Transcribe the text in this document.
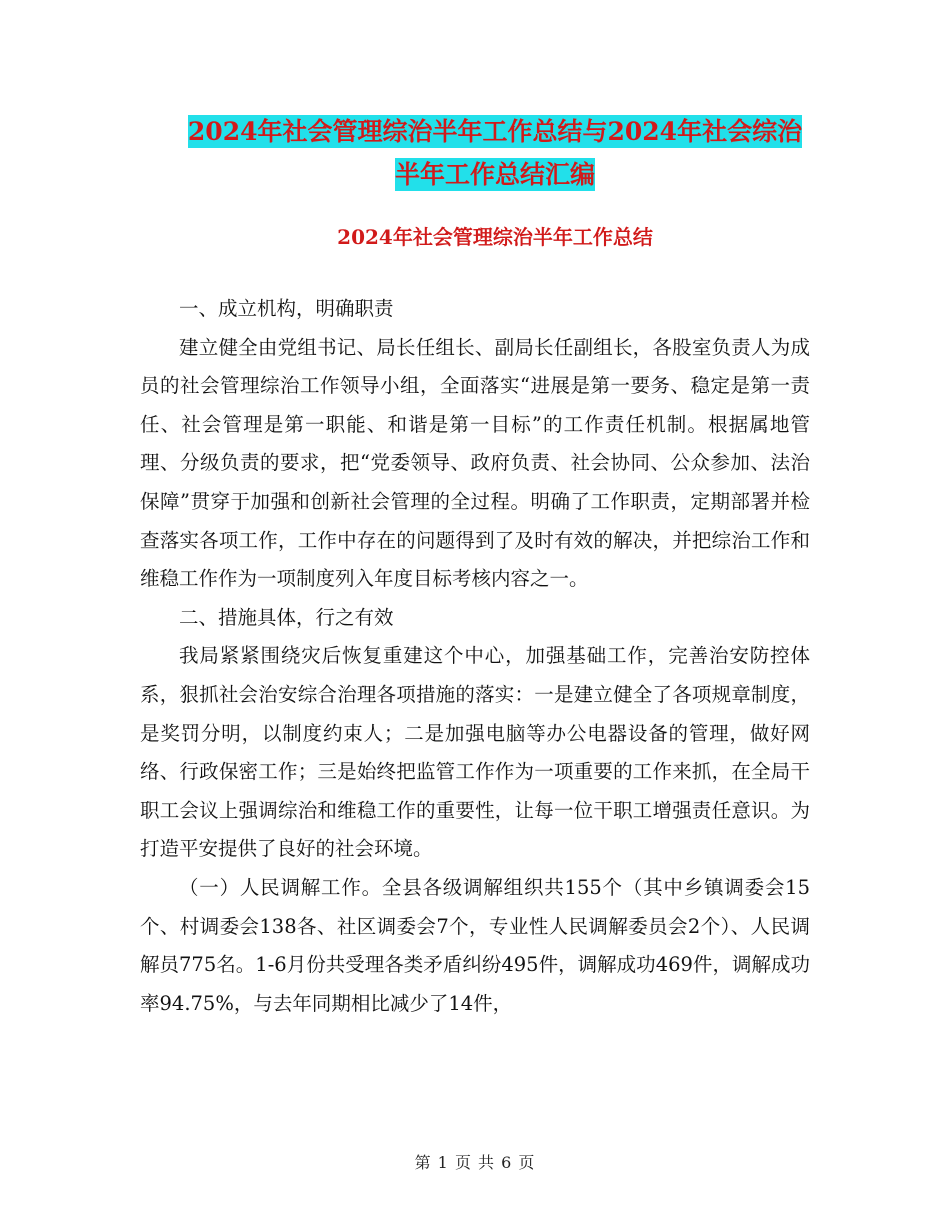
2024年社会管理综治半年工作总结与2024年社会综治
半年工作总结汇编
2024年社会管理综治半年工作总结

一、成立机构，明确职责

建立健全由党组书记、局长任组长、副局长任副组长，各股室负责人为成员的社会管理综治工作领导小组，全面落实“进展是第一要务、稳定是第一责任、社会管理是第一职能、和谐是第一目标”的工作责任机制。根据属地管理、分级负责的要求，把“党委领导、政府负责、社会协同、公众参加、法治保障”贯穿于加强和创新社会管理的全过程。明确了工作职责，定期部署并检查落实各项工作，工作中存在的问题得到了及时有效的解决，并把综治工作和维稳工作作为一项制度列入年度目标考核内容之一。

二、措施具体，行之有效

我局紧紧围绕灾后恢复重建这个中心，加强基础工作，完善治安防控体系，狠抓社会治安综合治理各项措施的落实：一是建立健全了各项规章制度，是奖罚分明，以制度约束人；二是加强电脑等办公电器设备的管理，做好网络、行政保密工作；三是始终把监管工作作为一项重要的工作来抓，在全局干职工会议上强调综治和维稳工作的重要性，让每一位干职工增强责任意识。为打造平安提供了良好的社会环境。

（一）人民调解工作。全县各级调解组织共155个（其中乡镇调委会15个、村调委会138各、社区调委会7个，专业性人民调解委员会2个）、人民调解员775名。1-6月份共受理各类矛盾纠纷495件，调解成功469件，调解成功率94.75%，与去年同期相比减少了14件，

第 1 页 共 6 页
